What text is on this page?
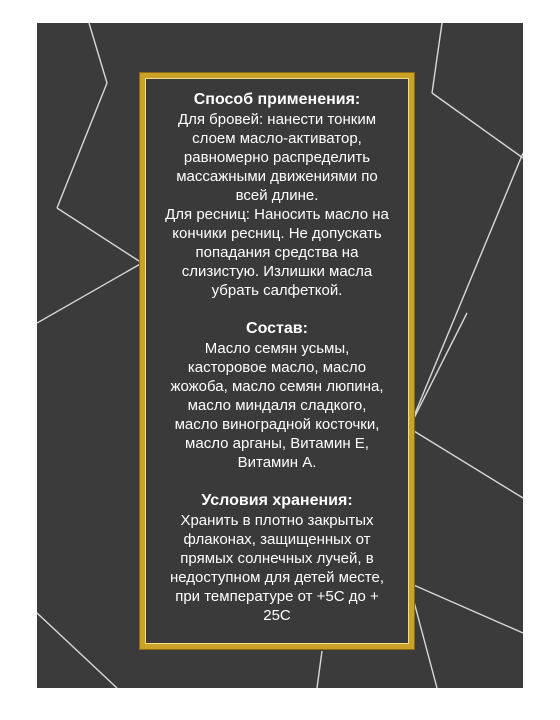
Способ применения:
Для бровей: нанести тонким
слоем масло-активатор,
равномерно распределить
массажными движениями по
всей длине.
Для ресниц: Наносить масло на
кончики ресниц. Не допускать
попадания средства на
слизистую. Излишки масла
убрать салфеткой.
Состав:
Масло семян усьмы,
касторовое масло, масло
жожоба, масло семян люпина,
масло миндаля сладкого,
масло виноградной косточки,
масло арганы, Витамин Е,
Витамин А.
Условия хранения:
Хранить в плотно закрытых
флаконах, защищенных от
прямых солнечных лучей, в
недоступном для детей месте,
при температуре от +5С до +
25С
